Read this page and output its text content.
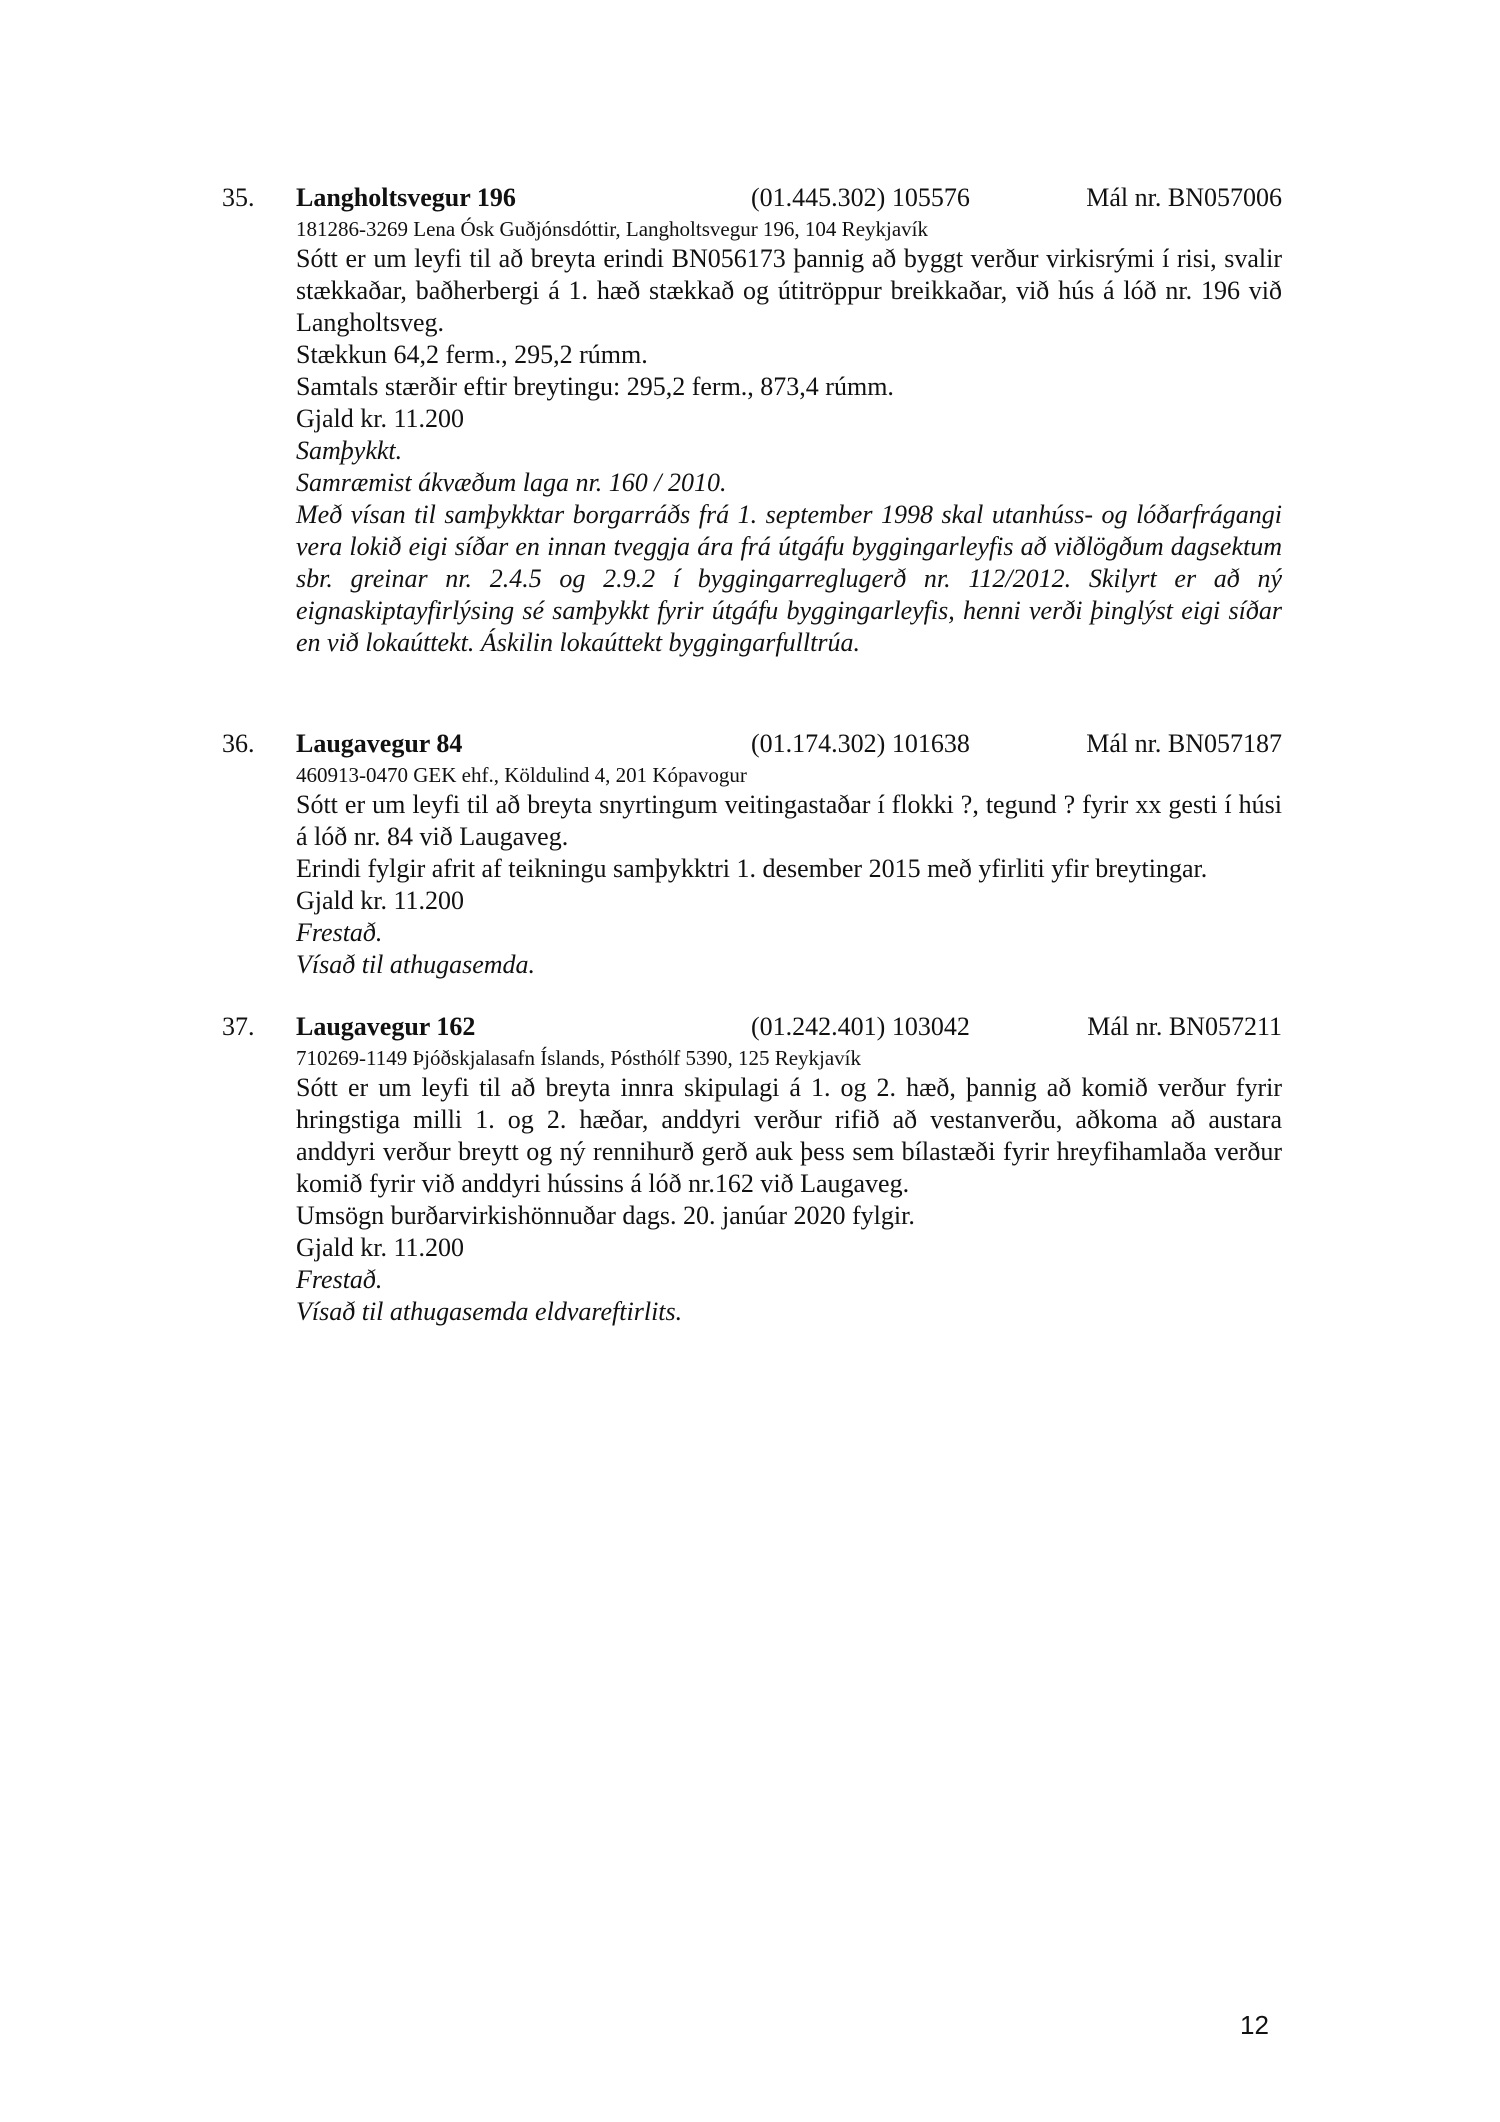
35. Langholtsvegur 196	(01.445.302) 105576	Mál nr. BN057006
181286-3269 Lena Ósk Guðjónsdóttir, Langholtsvegur 196, 104 Reykjavík
Sótt er um leyfi til að breyta erindi BN056173 þannig að byggt verður virkisrými í risi, svalir stækkaðar, baðherbergi á 1. hæð stækkað og útitröppur breikkaðar, við hús á lóð nr. 196 við Langholtsveg.
Stækkun 64,2 ferm., 295,2 rúmm.
Samtals stærðir eftir breytingu: 295,2 ferm., 873,4 rúmm.
Gjald kr. 11.200
Samþykkt.
Samræmist ákvæðum laga nr. 160 / 2010.
Með vísan til samþykktar borgarráðs frá 1. september 1998 skal utanhúss- og lóðarfrágangi vera lokið eigi síðar en innan tveggja ára frá útgáfu byggingarleyfis að viðlögðum dagsektum sbr. greinar nr. 2.4.5 og 2.9.2 í byggingarreglugerð nr. 112/2012. Skilyrt er að ný eignaskiptayfirlýsing sé samþykkt fyrir útgáfu byggingarleyfis, henni verði þinglýst eigi síðar en við lokaúttekt. Áskilin lokaúttekt byggingarfulltrúa.
36. Laugavegur 84	(01.174.302) 101638	Mál nr. BN057187
460913-0470 GEK ehf., Köldulind 4, 201 Kópavogur
Sótt er um leyfi til að breyta snyrtingum veitingastaðar í flokki ?, tegund ? fyrir xx gesti í húsi á lóð nr. 84 við Laugaveg.
Erindi fylgir afrit af teikningu samþykktri 1. desember 2015 með yfirliti yfir breytingar.
Gjald kr. 11.200
Frestað.
Vísað til athugasemda.
37. Laugavegur 162	(01.242.401) 103042	Mál nr. BN057211
710269-1149 Þjóðskjalasafn Íslands, Pósthólf 5390, 125 Reykjavík
Sótt er um leyfi til að breyta innra skipulagi á 1. og 2. hæð, þannig að komið verður fyrir hringstiga milli 1. og 2. hæðar, anddyri verður rifið að vestanverðu, aðkoma að austara anddyri verður breytt og ný rennihurð gerð auk þess sem bílastæði fyrir hreyfihamlaða verður komið fyrir við anddyri hússins á lóð nr.162 við Laugaveg.
Umsögn burðarvirkishönnuðar dags. 20. janúar 2020 fylgir.
Gjald kr. 11.200
Frestað.
Vísað til athugasemda eldvareftirlits.
12
